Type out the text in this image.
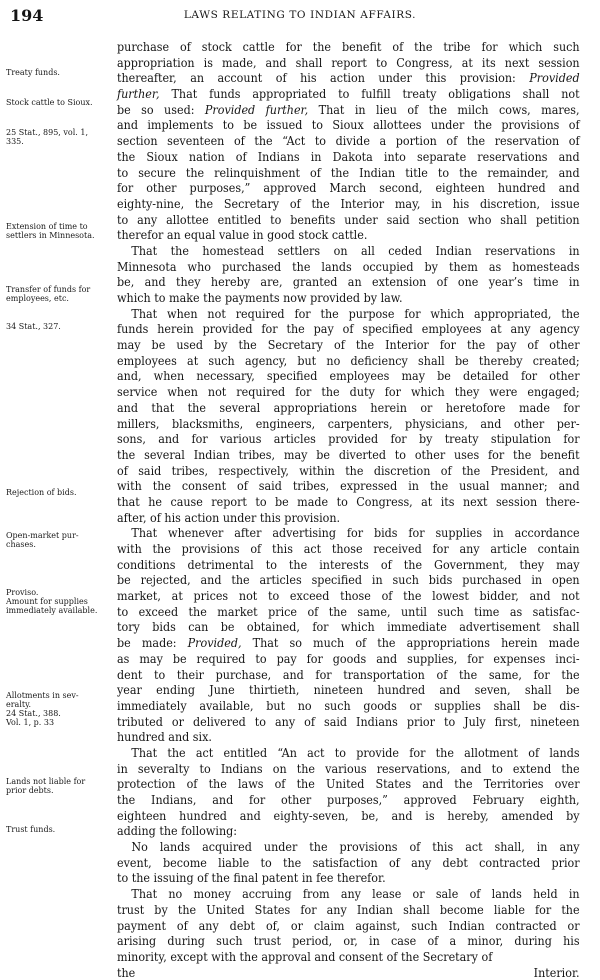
194	LAWS RELATING TO INDIAN AFFAIRS.
Treaty funds.
Stock cattle to Sioux.
25 Stat., 895, vol. 1,
335.
Extension of time to
settlers in Minnesota.
Transfer of funds for
employees, etc.
34 Stat., 327.
Rejection of bids.
Open-market pur-
chases.
Proviso.
Amount for supplies
immediately available.
Allotments in sev-
eralty.
24 Stat., 388.
Vol. 1, p. 33
Lands not liable for
prior debts.
Trust funds.
purchase of stock cattle for the benefit of the tribe for which such
appropriation is made, and shall report to Congress, at its next session
thereafter, an account of his action under this provision: Provided
further, That funds appropriated to fulfill treaty obligations shall not
be so used: Provided further, That in lieu of the milch cows, mares,
and implements to be issued to Sioux allottees under the provisions of
section seventeen of the “Act to divide a portion of the reservation of
the Sioux nation of Indians in Dakota into separate reservations and
to secure the relinquishment of the Indian title to the remainder, and
for other purposes,” approved March second, eighteen hundred and
eighty-nine, the Secretary of the Interior may, in his discretion, issue
to any allottee entitled to benefits under said section who shall petition
therefor an equal value in good stock cattle.
That the homestead settlers on all ceded Indian reservations in
Minnesota who purchased the lands occupied by them as homesteads
be, and they hereby are, granted an extension of one year’s time in
which to make the payments now provided by law.
That when not required for the purpose for which appropriated, the
funds herein provided for the pay of specified employees at any agency
may be used by the Secretary of the Interior for the pay of other
employees at such agency, but no deficiency shall be thereby created;
and, when necessary, specified employees may be detailed for other
service when not required for the duty for which they were engaged;
and that the several appropriations herein or heretofore made for
millers, blacksmiths, engineers, carpenters, physicians, and other per-
sons, and for various articles provided for by treaty stipulation for
the several Indian tribes, may be diverted to other uses for the benefit
of said tribes, respectively, within the discretion of the President, and
with the consent of said tribes, expressed in the usual manner; and
that he cause report to be made to Congress, at its next session there-
after, of his action under this provision.
That whenever after advertising for bids for supplies in accordance
with the provisions of this act those received for any article contain
conditions detrimental to the interests of the Government, they may
be rejected, and the articles specified in such bids purchased in open
market, at prices not to exceed those of the lowest bidder, and not
to exceed the market price of the same, until such time as satisfac-
tory bids can be obtained, for which immediate advertisement shall
be made: Provided, That so much of the appropriations herein made
as may be required to pay for goods and supplies, for expenses inci-
dent to their purchase, and for transportation of the same, for the
year ending June thirtieth, nineteen hundred and seven, shall be
immediately available, but no such goods or supplies shall be dis-
tributed or delivered to any of said Indians prior to July first, nineteen
hundred and six.
That the act entitled “An act to provide for the allotment of lands
in severalty to Indians on the various reservations, and to extend the
protection of the laws of the United States and the Territories over
the Indians, and for other purposes,” approved February eighth,
eighteen hundred and eighty-seven, be, and is hereby, amended by
adding the following:
No lands acquired under the provisions of this act shall, in any
event, become liable to the satisfaction of any debt contracted prior
to the issuing of the final patent in fee therefor.
That no money accruing from any lease or sale of lands held in
trust by the United States for any Indian shall become liable for the
payment of any debt of, or claim against, such Indian contracted or
arising during such trust period, or, in case of a minor, during his
minority, except with the approval and consent of the Secretary of
the Interior.
